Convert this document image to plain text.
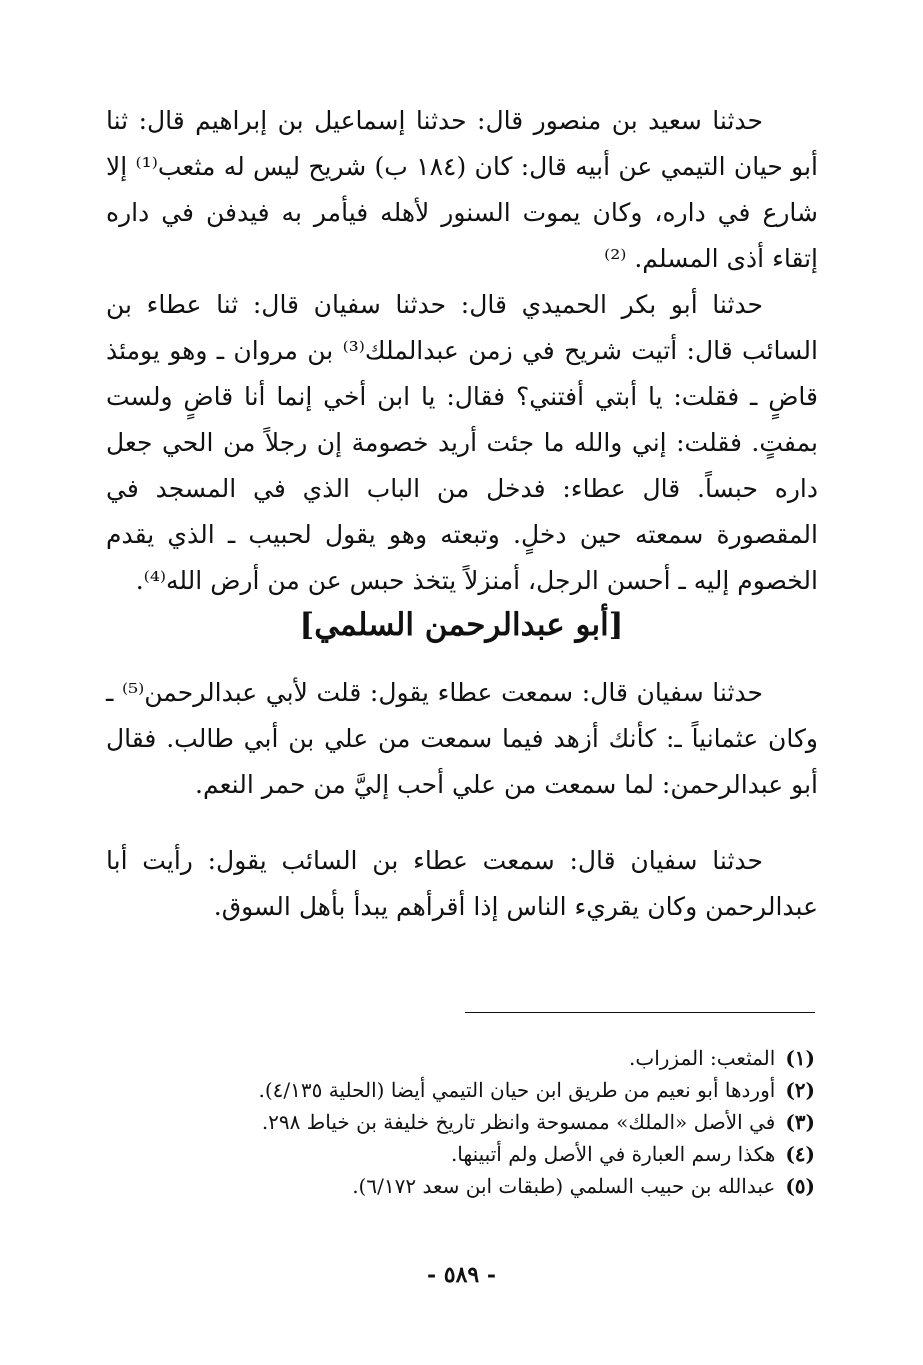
حدثنا سعيد بن منصور قال: حدثنا إسماعيل بن إبراهيم قال: ثنا أبو حيان التيمي عن أبيه قال: كان (١٨٤ ب) شريح ليس له مثعب⁽¹⁾ إلا شارع في داره، وكان يموت السنور لأهله فيأمر به فيدفن في داره إتقاء أذى المسلم. ⁽²⁾

حدثنا أبو بكر الحميدي قال: حدثنا سفيان قال: ثنا عطاء بن السائب قال: أتيت شريح في زمن عبدالملك⁽³⁾ بن مروان ـ وهو يومئذ قاضٍ ـ فقلت: يا أبتي أفتني؟ فقال: يا ابن أخي إنما أنا قاضٍ ولست بمفتٍ. فقلت: إني والله ما جئت أريد خصومة إن رجلاً من الحي جعل داره حبساً. قال عطاء: فدخل من الباب الذي في المسجد في المقصورة سمعته حين دخلٍ. وتبعته وهو يقول لحبيب ـ الذي يقدم الخصوم إليه ـ أحسن الرجل، أمنزلاً يتخذ حبس عن من أرض الله⁽⁴⁾.

[أبو عبدالرحمن السلمي]

حدثنا سفيان قال: سمعت عطاء يقول: قلت لأبي عبدالرحمن⁽⁵⁾ ـ وكان عثمانياً ـ: كأنك أزهد فيما سمعت من علي بن أبي طالب. فقال أبو عبدالرحمن: لما سمعت من علي أحب إليَّ من حمر النعم.

حدثنا سفيان قال: سمعت عطاء بن السائب يقول: رأيت أبا عبدالرحمن وكان يقريء الناس إذا أقرأهم يبدأ بأهل السوق.

(١)المثعب: المزراب.

(٢)أوردها أبو نعيم من طريق ابن حيان التيمي أيضا (الحلية ٤/١٣٥).

(٣)في الأصل «الملك» ممسوحة وانظر تاريخ خليفة بن خياط ٢٩٨.

(٤)هكذا رسم العبارة في الأصل ولم أتبينها.

(٥)عبدالله بن حبيب السلمي (طبقات ابن سعد ٦/١٧٢).

- ٥٨٩ -
